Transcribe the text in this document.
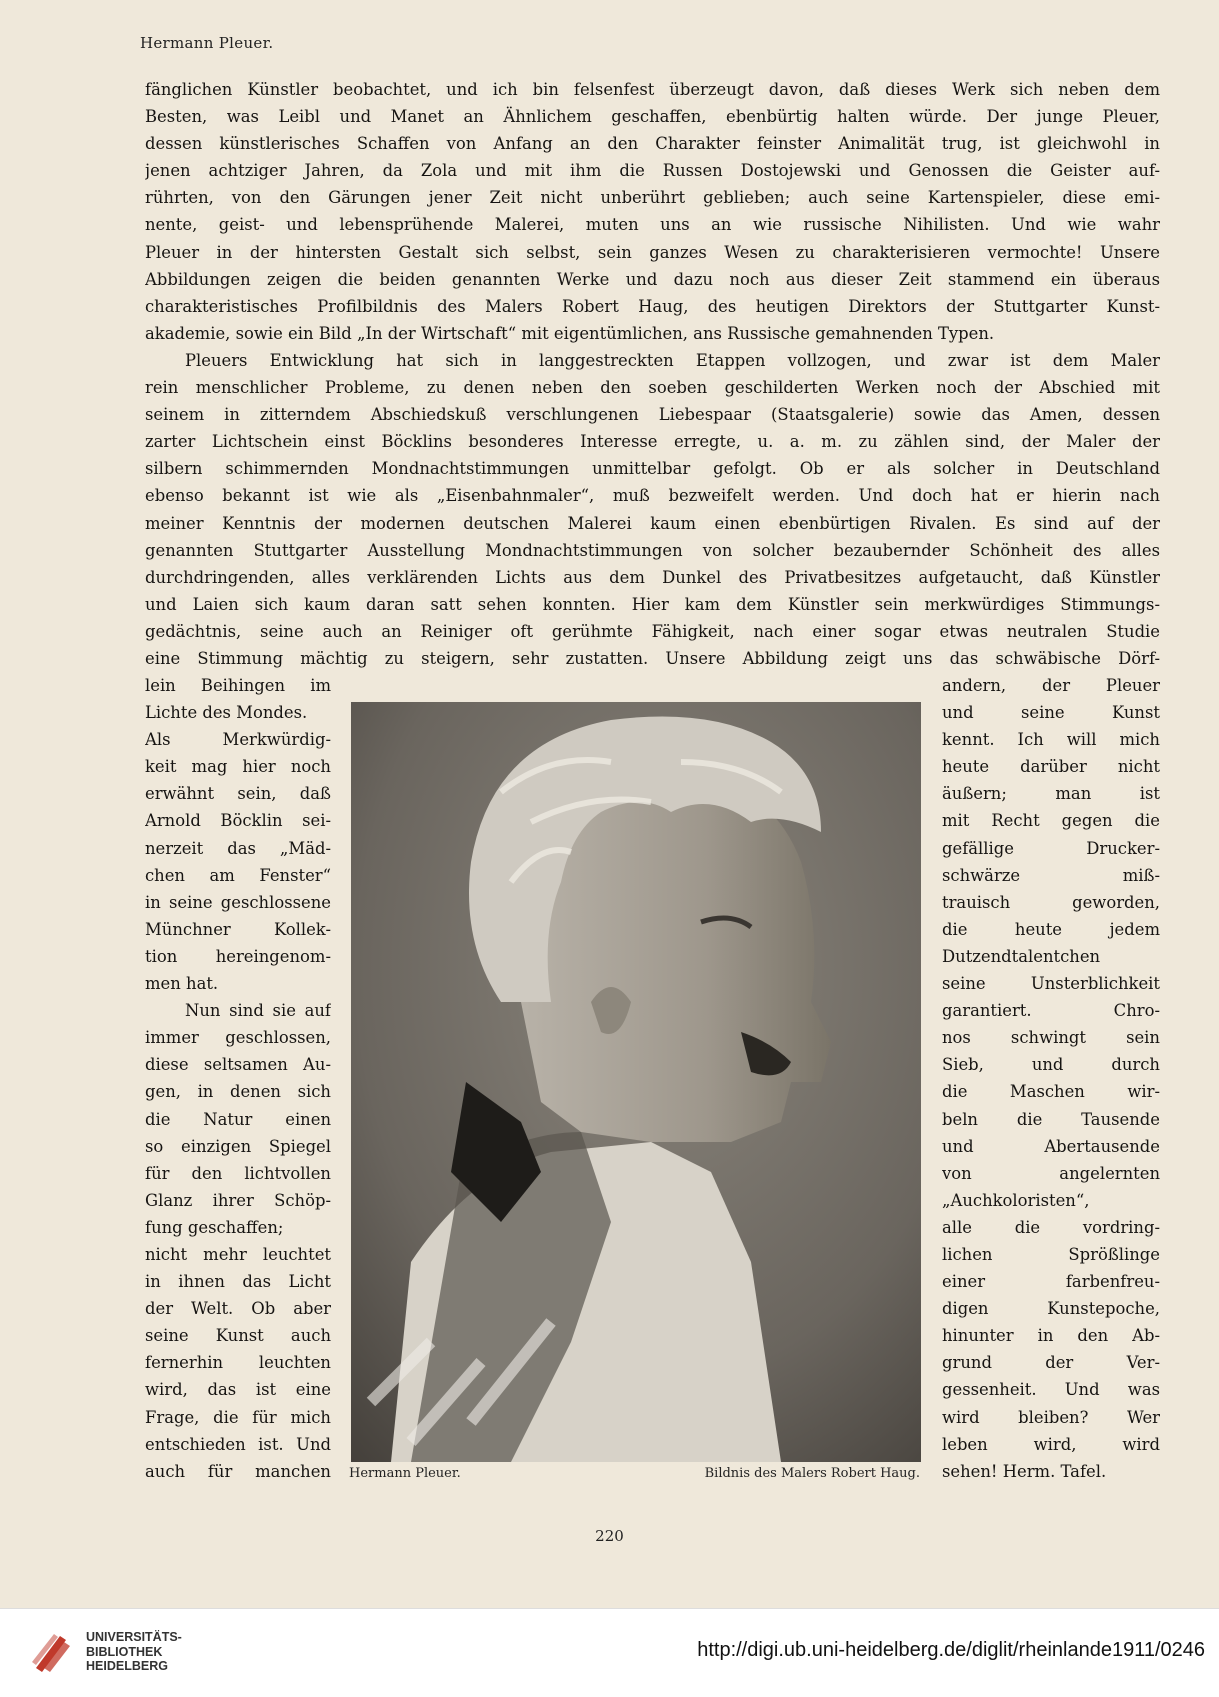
Hermann Pleuer.
fänglichen Künstler beobachtet, und ich bin felsenfest überzeugt davon, daß dieses Werk sich neben dem
Besten, was Leibl und Manet an Ähnlichem geschaffen, ebenbürtig halten würde. Der junge Pleuer,
dessen künstlerisches Schaffen von Anfang an den Charakter feinster Animalität trug, ist gleichwohl in
jenen achtziger Jahren, da Zola und mit ihm die Russen Dostojewski und Genossen die Geister auf-
rührten, von den Gärungen jener Zeit nicht unberührt geblieben; auch seine Kartenspieler, diese emi-
nente, geist- und lebensprühende Malerei, muten uns an wie russische Nihilisten. Und wie wahr
Pleuer in der hintersten Gestalt sich selbst, sein ganzes Wesen zu charakterisieren vermochte! Unsere
Abbildungen zeigen die beiden genannten Werke und dazu noch aus dieser Zeit stammend ein überaus
charakteristisches Profilbildnis des Malers Robert Haug, des heutigen Direktors der Stuttgarter Kunst-
akademie, sowie ein Bild „In der Wirtschaft“ mit eigentümlichen, ans Russische gemahnenden Typen.
Pleuers Entwicklung hat sich in langgestreckten Etappen vollzogen, und zwar ist dem Maler
rein menschlicher Probleme, zu denen neben den soeben geschilderten Werken noch der Abschied mit
seinem in zitterndem Abschiedskuß verschlungenen Liebespaar (Staatsgalerie) sowie das Amen, dessen
zarter Lichtschein einst Böcklins besonderes Interesse erregte, u. a. m. zu zählen sind, der Maler der
silbern schimmernden Mondnachtstimmungen unmittelbar gefolgt. Ob er als solcher in Deutschland
ebenso bekannt ist wie als „Eisenbahnmaler“, muß bezweifelt werden. Und doch hat er hierin nach
meiner Kenntnis der modernen deutschen Malerei kaum einen ebenbürtigen Rivalen. Es sind auf der
genannten Stuttgarter Ausstellung Mondnachtstimmungen von solcher bezaubernder Schönheit des alles
durchdringenden, alles verklärenden Lichts aus dem Dunkel des Privatbesitzes aufgetaucht, daß Künstler
und Laien sich kaum daran satt sehen konnten. Hier kam dem Künstler sein merkwürdiges Stimmungs-
gedächtnis, seine auch an Reiniger oft gerühmte Fähigkeit, nach einer sogar etwas neutralen Studie
eine Stimmung mächtig zu steigern, sehr zustatten. Unsere Abbildung zeigt uns das schwäbische Dörf-
lein Beihingen im
Lichte des Mondes.
Als Merkwürdig-
keit mag hier noch
erwähnt sein, daß
Arnold Böcklin sei-
nerzeit das „Mäd-
chen am Fenster“
in seine geschlossene
Münchner Kollek-
tion hereingenom-
men hat.
Nun sind sie auf
immer geschlossen,
diese seltsamen Au-
gen, in denen sich
die Natur einen
so einzigen Spiegel
für den lichtvollen
Glanz ihrer Schöp-
fung geschaffen;
nicht mehr leuchtet
in ihnen das Licht
der Welt. Ob aber
seine Kunst auch
fernerhin leuchten
wird, das ist eine
Frage, die für mich
entschieden ist. Und
auch für manchen
andern, der Pleuer
und seine Kunst
kennt. Ich will mich
heute darüber nicht
äußern; man ist
mit Recht gegen die
gefällige Drucker-
schwärze miß-
trauisch geworden,
die heute jedem
Dutzendtalentchen
seine Unsterblichkeit
garantiert. Chro-
nos schwingt sein
Sieb, und durch
die Maschen wir-
beln die Tausende
und Abertausende
von angelernten
„Auchkoloristen“,
alle die vordring-
lichen Sprößlinge
einer farbenfreu-
digen Kunstepoche,
hinunter in den Ab-
grund der Ver-
gessenheit. Und was
wird bleiben? Wer
leben wird, wird
sehen! Herm. Tafel.
Hermann Pleuer.	Bildnis des Malers Robert Haug.
220
UNIVERSITÄTS-
BIBLIOTHEK
HEIDELBERG
http://digi.ub.uni-heidelberg.de/diglit/rheinlande1911/0246
